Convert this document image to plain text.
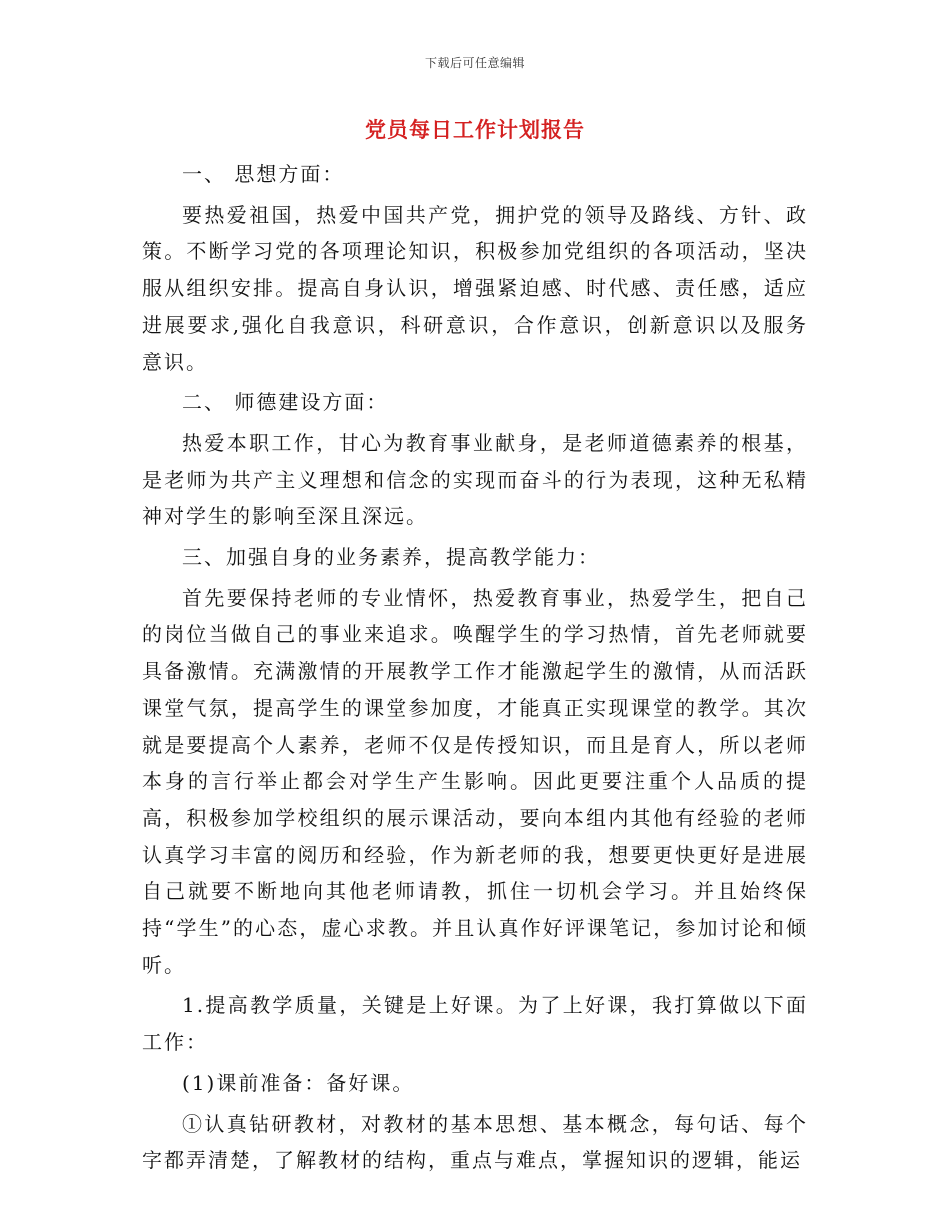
下载后可任意编辑
党员每日工作计划报告

一、 思想方面：

要热爱祖国，热爱中国共产党，拥护党的领导及路线、方针、政策。不断学习党的各项理论知识，积极参加党组织的各项活动，坚决服从组织安排。提高自身认识，增强紧迫感、时代感、责任感，适应进展要求,强化自我意识，科研意识，合作意识，创新意识以及服务意识。

二、 师德建设方面：

热爱本职工作，甘心为教育事业献身，是老师道德素养的根基，是老师为共产主义理想和信念的实现而奋斗的行为表现，这种无私精神对学生的影响至深且深远。

三、加强自身的业务素养，提高教学能力：

首先要保持老师的专业情怀，热爱教育事业，热爱学生，把自己的岗位当做自己的事业来追求。唤醒学生的学习热情，首先老师就要具备激情。充满激情的开展教学工作才能激起学生的激情，从而活跃课堂气氛，提高学生的课堂参加度，才能真正实现课堂的教学。其次就是要提高个人素养，老师不仅是传授知识，而且是育人，所以老师本身的言行举止都会对学生产生影响。因此更要注重个人品质的提高，积极参加学校组织的展示课活动，要向本组内其他有经验的老师认真学习丰富的阅历和经验，作为新老师的我，想要更快更好是进展自己就要不断地向其他老师请教，抓住一切机会学习。并且始终保持“学生”的心态，虚心求教。并且认真作好评课笔记，参加讨论和倾听。

1.提高教学质量，关键是上好课。为了上好课，我打算做以下面工作：

(1)课前准备：备好课。

①认真钻研教材，对教材的基本思想、基本概念，每句话、每个字都弄清楚，了解教材的结构，重点与难点，掌握知识的逻辑，能运
